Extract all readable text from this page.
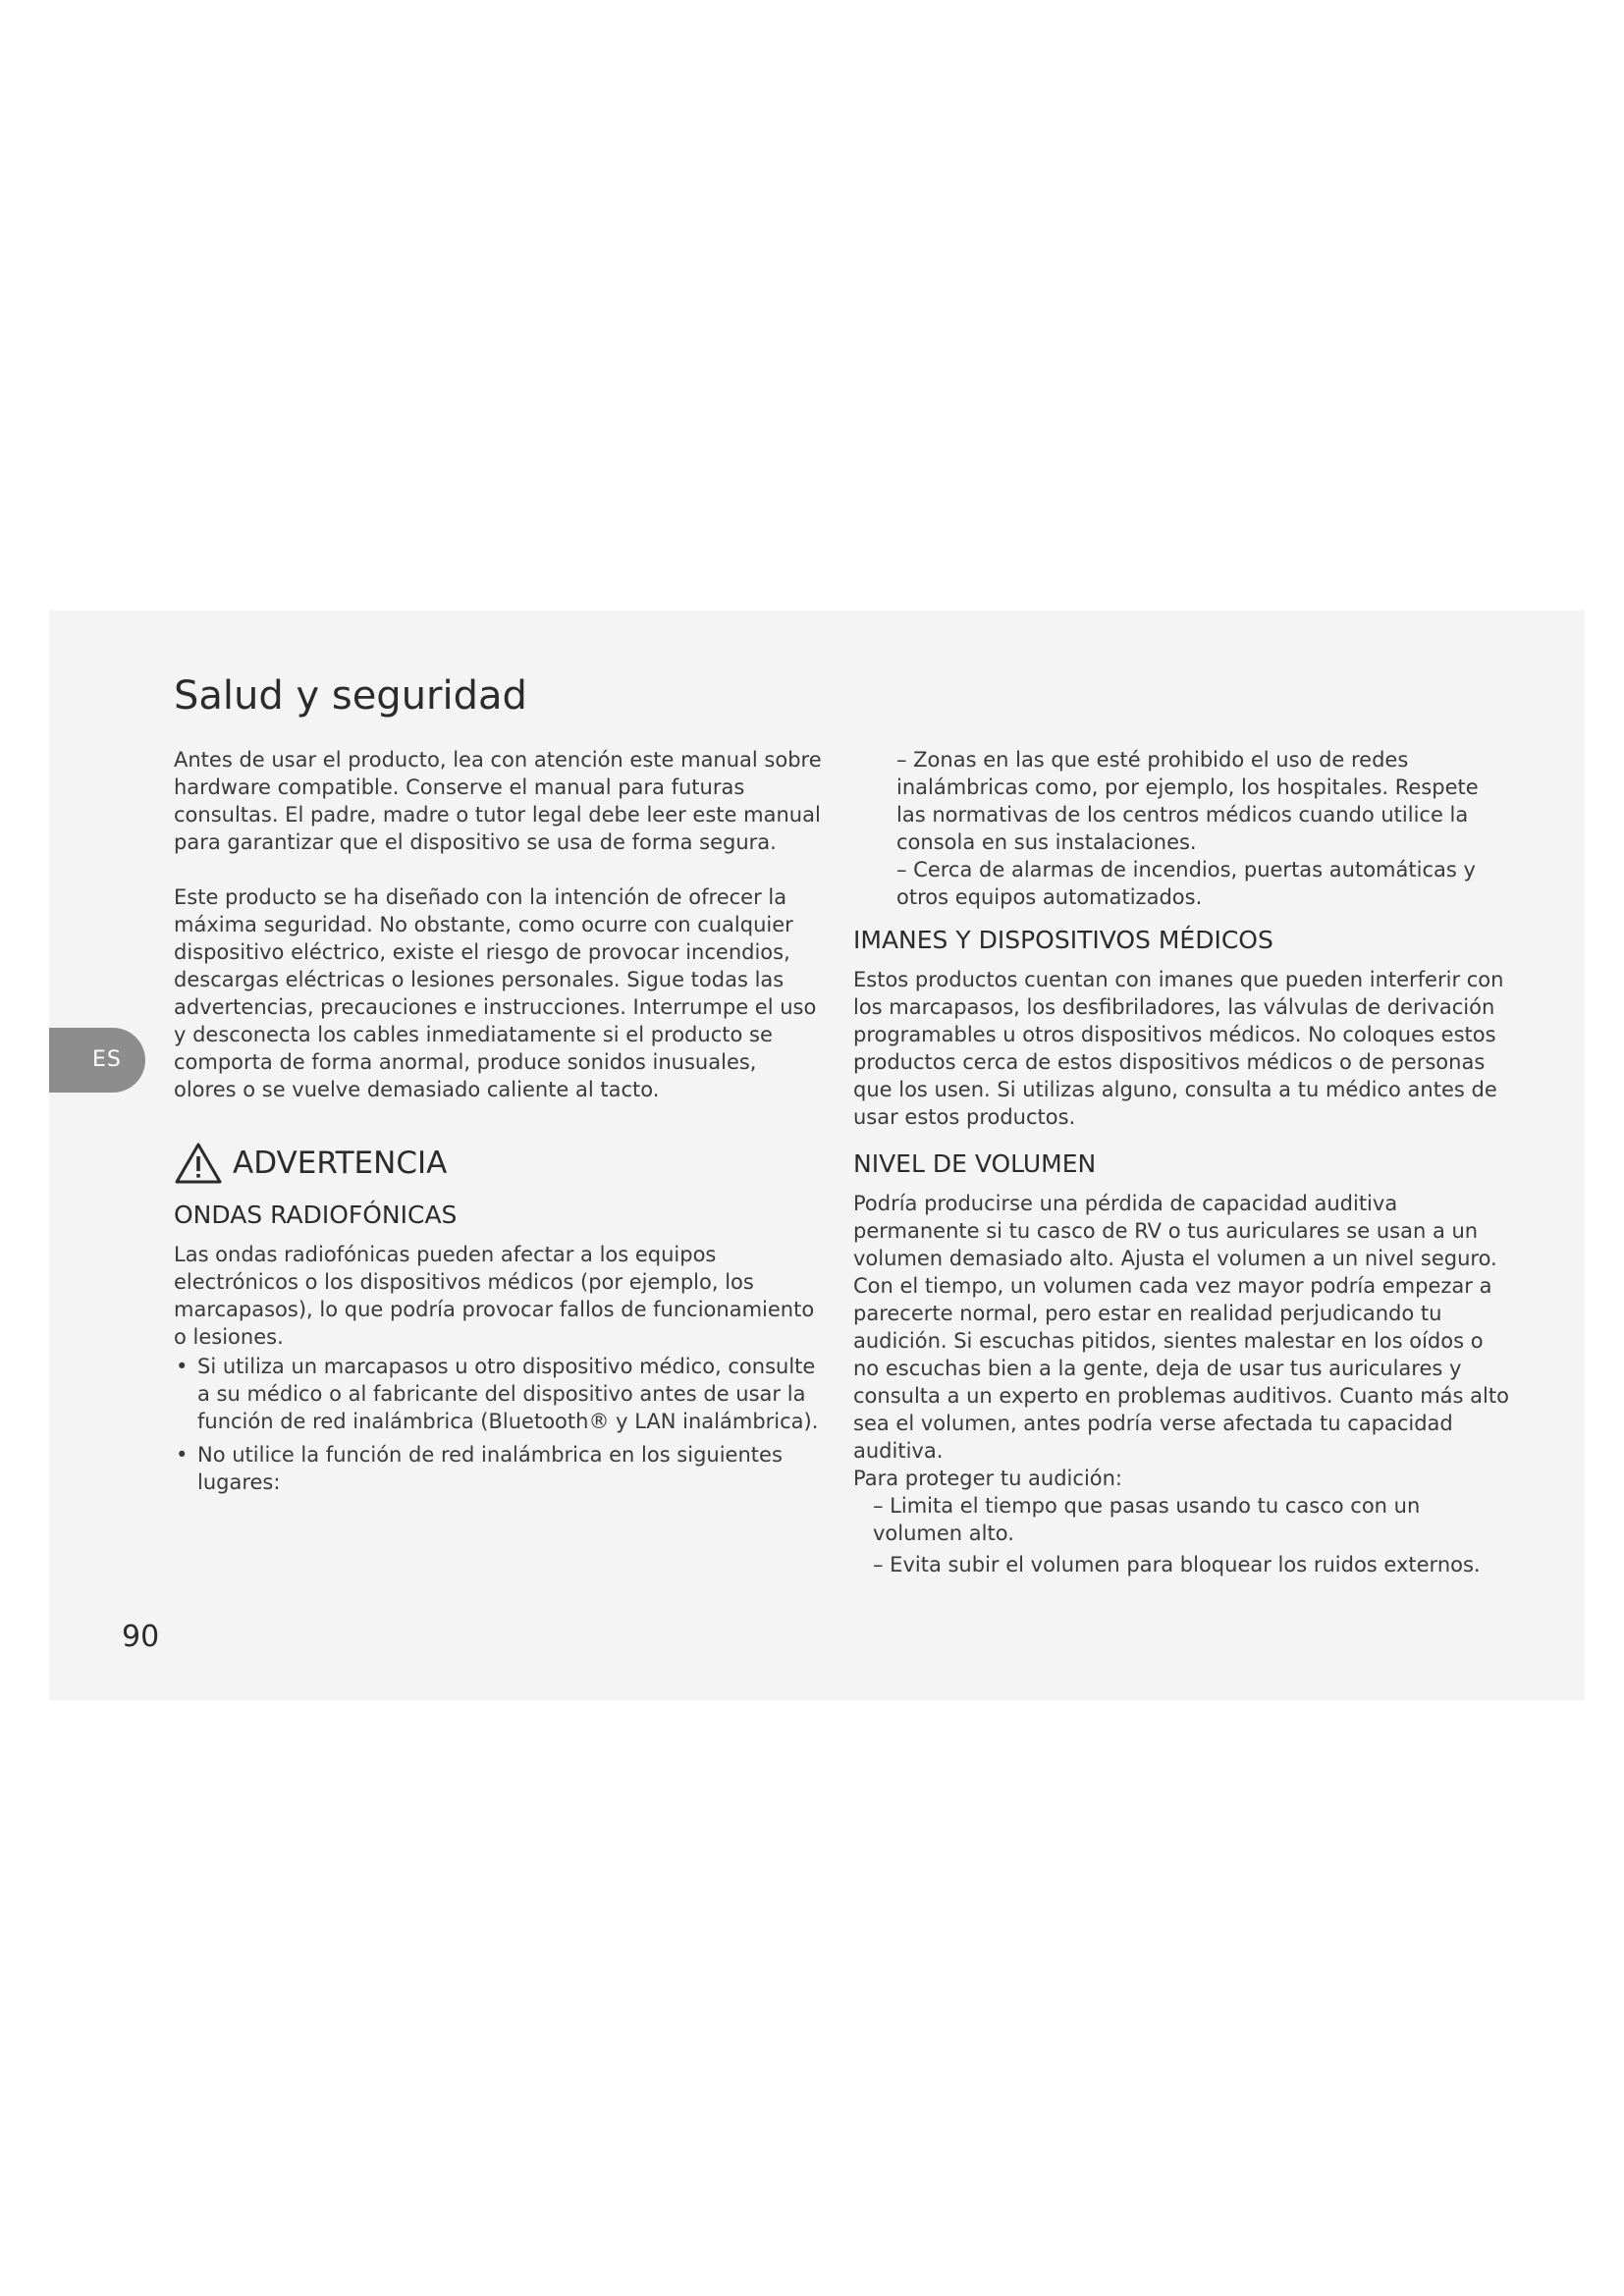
ES
Salud y seguridad

Antes de usar el producto, lea con atención este manual sobre hardware compatible. Conserve el manual para futuras consultas. El padre, madre o tutor legal debe leer este manual para garantizar que el dispositivo se usa de forma segura.

Este producto se ha diseñado con la intención de ofrecer la máxima seguridad. No obstante, como ocurre con cualquier dispositivo eléctrico, existe el riesgo de provocar incendios, descargas eléctricas o lesiones personales. Sigue todas las advertencias, precauciones e instrucciones. Interrumpe el uso y desconecta los cables inmediatamente si el producto se comporta de forma anormal, produce sonidos inusuales, olores o se vuelve demasiado caliente al tacto.

ADVERTENCIA
ONDAS RADIOFÓNICAS

Las ondas radiofónicas pueden afectar a los equipos electrónicos o los dispositivos médicos (por ejemplo, los marcapasos), lo que podría provocar fallos de funcionamiento o lesiones.

• Si utiliza un marcapasos u otro dispositivo médico, consulte a su médico o al fabricante del dispositivo antes de usar la función de red inalámbrica (Bluetooth® y LAN inalámbrica).
• No utilice la función de red inalámbrica en los siguientes lugares:

– Zonas en las que esté prohibido el uso de redes inalámbricas como, por ejemplo, los hospitales. Respete las normativas de los centros médicos cuando utilice la consola en sus instalaciones.

– Cerca de alarmas de incendios, puertas automáticas y otros equipos automatizados.

IMANES Y DISPOSITIVOS MÉDICOS

Estos productos cuentan con imanes que pueden interferir con los marcapasos, los desfibriladores, las válvulas de derivación programables u otros dispositivos médicos. No coloques estos productos cerca de estos dispositivos médicos o de personas que los usen. Si utilizas alguno, consulta a tu médico antes de usar estos productos.

NIVEL DE VOLUMEN

Podría producirse una pérdida de capacidad auditiva permanente si tu casco de RV o tus auriculares se usan a un volumen demasiado alto. Ajusta el volumen a un nivel seguro. Con el tiempo, un volumen cada vez mayor podría empezar a parecerte normal, pero estar en realidad perjudicando tu audición. Si escuchas pitidos, sientes malestar en los oídos o no escuchas bien a la gente, deja de usar tus auriculares y consulta a un experto en problemas auditivos. Cuanto más alto sea el volumen, antes podría verse afectada tu capacidad auditiva.

Para proteger tu audición:

– Limita el tiempo que pasas usando tu casco con un volumen alto.

– Evita subir el volumen para bloquear los ruidos externos.

90
